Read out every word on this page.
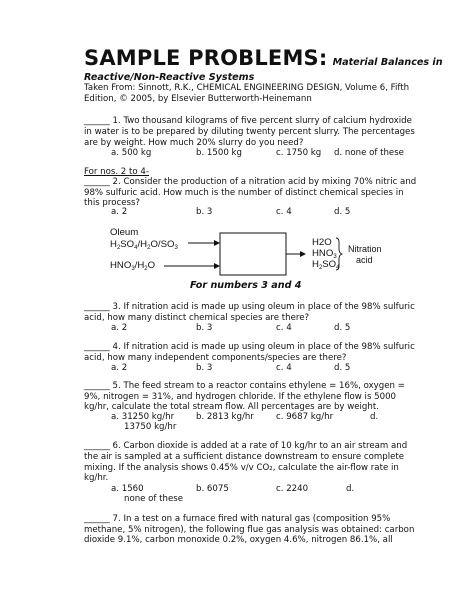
SAMPLE PROBLEMS: Material Balances in
Reactive/Non-Reactive Systems
Taken From: Sinnott, R.K., CHEMICAL ENGINEERING DESIGN, Volume 6, Fifth
Edition, © 2005, by Elsevier Butterworth-Heinemann
______ 1. Two thousand kilograms of five percent slurry of calcium hydroxide
in water is to be prepared by diluting twenty percent slurry. The percentages
are by weight. How much 20% slurry do you need?
a. 500 kg	b. 1500 kg	c. 1750 kg d. none of these
For nos. 2 to 4-
______ 2. Consider the production of a nitration acid by mixing 70% nitric and
98% sulfuric acid. How much is the number of distinct chemical species in
this process?
a. 2	b. 3	c. 4	d. 5
Oleum
$H_2SO_4/H_2O/SO_3$
$HNO_3/H_2O$
H2O
$HNO_3$
$H_2SO_4$
Nitration
acid
For numbers 3 and 4
______ 3. If nitration acid is made up using oleum in place of the 98% sulfuric
acid, how many distinct chemical species are there?
a. 2	b. 3	c. 4	d. 5
______ 4. If nitration acid is made up using oleum in place of the 98% sulfuric
acid, how many independent components/species are there?
a. 2	b. 3	c. 4	d. 5
______ 5. The feed stream to a reactor contains ethylene = 16%, oxygen =
9%, nitrogen = 31%, and hydrogen chloride. If the ethylene flow is 5000
kg/hr, calculate the total stream flow. All percentages are by weight.
a. 31250 kg/hr	b. 2813 kg/hr	c. 9687 kg/hr	d.
13750 kg/hr
______ 6. Carbon dioxide is added at a rate of 10 kg/hr to an air stream and
the air is sampled at a sufficient distance downstream to ensure complete
mixing. If the analysis shows 0.45% v/v CO₂, calculate the air-flow rate in
kg/hr.
a. 1560	b. 6075	c. 2240	d.
none of these
______ 7. In a test on a furnace fired with natural gas (composition 95%
methane, 5% nitrogen), the following flue gas analysis was obtained: carbon
dioxide 9.1%, carbon monoxide 0.2%, oxygen 4.6%, nitrogen 86.1%, all
